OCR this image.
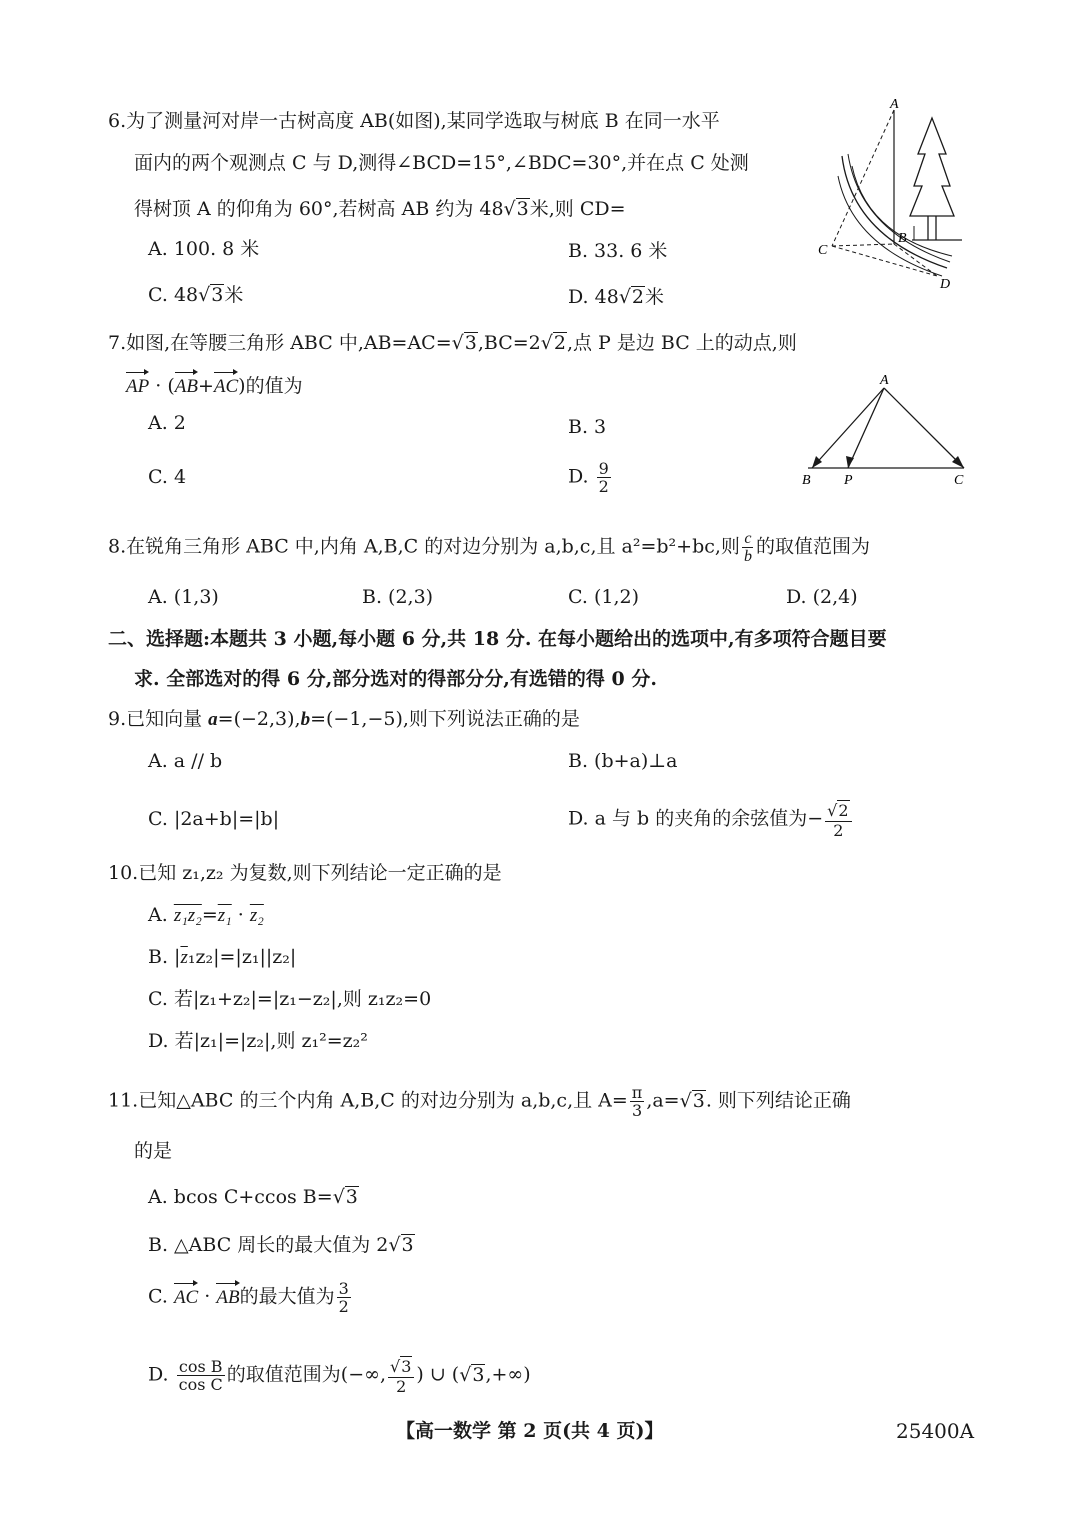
6.为了测量河对岸一古树高度 AB(如图),某同学选取与树底 B 在同一水平
面内的两个观测点 C 与 D,测得∠BCD=15°,∠BDC=30°,并在点 C 处测
得树顶 A 的仰角为 60°,若树高 AB 约为 48√3米,则 CD=
A. 100. 8 米	B. 33. 6 米
C. 48√3米	D. 48√2米
A
B
C
D
7.如图,在等腰三角形 ABC 中,AB=AC=√3,BC=2√2,点 P 是边 BC 上的动点,则
AP · (AB+AC)的值为
A. 2	B. 3
C. 4	D. $\frac{9}{2}$
A
B P	C
8.在锐角三角形 ABC 中,内角 A,B,C 的对边分别为 a,b,c,且 a²=b²+bc,则 $\frac{c}{b}$ 的取值范围为
A. (1,3)	B. (2,3)	C. (1,2)	D. (2,4)
二、选择题:本题共 3 小题,每小题 6 分,共 18 分. 在每小题给出的选项中,有多项符合题目要
求. 全部选对的得 6 分,部分选对的得部分分,有选错的得 0 分.
9.已知向量 a=(−2,3),b=(−1,−5),则下列说法正确的是
A. a // b	B. (b+a)⊥a
C. |2a+b|=|b|	D. a 与 b 的夹角的余弦值为− $\frac{√2}{2}$
10.已知 z₁,z₂ 为复数,则下列结论一定正确的是
A. z₁z₂=z₁ · z₂
B. $|\overline{z}_1z_2|=|z_1||z_2|$
C. 若|z₁+z₂|=|z₁−z₂|,则 z₁z₂=0
D. 若|z₁|=|z₂|,则 z₁²=z₂²
11.已知△ABC 的三个内角 A,B,C 的对边分别为 a,b,c,且 $A= \frac{\pi}{3} ,a=√3$. 则下列结论正确
的是
A. bcos C+ccos B=√3
B. △ABC 周长的最大值为 2√3
C. AC · AB的最大值为 $\frac{3}{2}$
D. $\frac{\text{cos B}}{\text{cos C}}$ 的取值范围为(−∞, $\frac{√3}{2}$ ) ∪ (√3,+∞)
【高一数学 第 2 页(共 4 页)】	25400A
